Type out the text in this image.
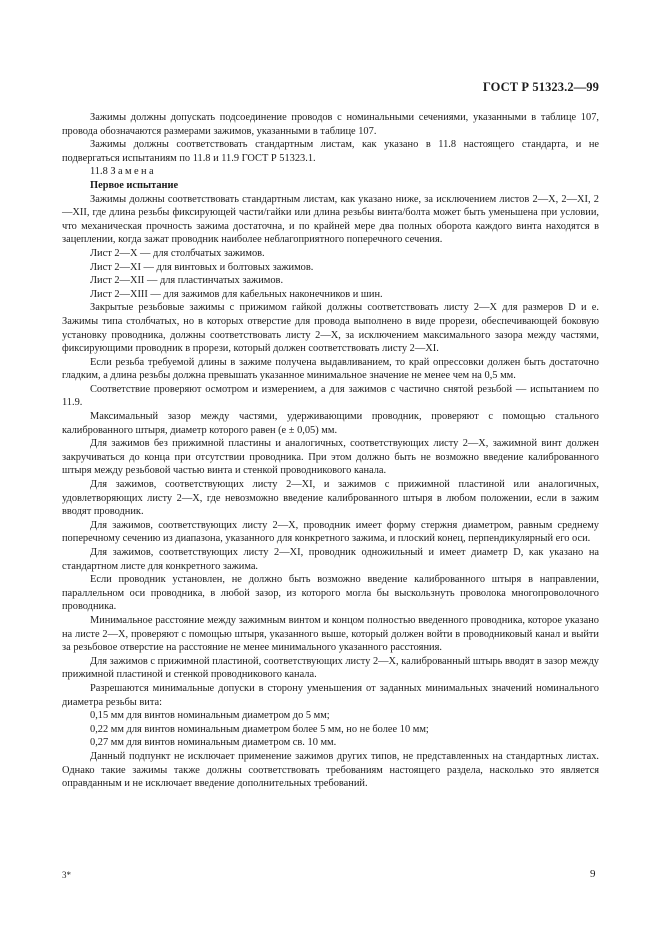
ГОСТ Р 51323.2—99

Зажимы должны допускать подсоединение проводов с номинальными сечениями, указанными в таблице 107, провода обозначаются размерами зажимов, указанными в таблице 107.

Зажимы должны соответствовать стандартным листам, как указано в 11.8 настоящего стандарта, и не подвергаться испытаниям по 11.8 и 11.9 ГОСТ Р 51323.1.

11.8 Замена

Первое испытание

Зажимы должны соответствовать стандартным листам, как указано ниже, за исключением листов 2—X, 2—XI, 2—XII, где длина резьбы фиксирующей части/гайки или длина резьбы винта/болта может быть уменьшена при условии, что механическая прочность зажима достаточна, и по крайней мере два полных оборота каждого винта находятся в зацеплении, когда зажат проводник наиболее неблагоприятного поперечного сечения.

Лист 2—X — для столбчатых зажимов.

Лист 2—XI — для винтовых и болтовых зажимов.

Лист 2—XII — для пластинчатых зажимов.

Лист 2—XIII — для зажимов для кабельных наконечников и шин.

Закрытые резьбовые зажимы с прижимом гайкой должны соответствовать листу 2—X для размеров D и e. Зажимы типа столбчатых, но в которых отверстие для провода выполнено в виде прорези, обеспечивающей боковую установку проводника, должны соответствовать листу 2—X, за исключением максимального зазора между частями, фиксирующими проводник в прорези, который должен соответствовать листу 2—XI.

Если резьба требуемой длины в зажиме получена выдавливанием, то край опрессовки должен быть достаточно гладким, а длина резьбы должна превышать указанное минимальное значение не менее чем на 0,5 мм.

Соответствие проверяют осмотром и измерением, а для зажимов с частично снятой резьбой — испытанием по 11.9.

Максимальный зазор между частями, удерживающими проводник, проверяют с помощью стального калиброванного штыря, диаметр которого равен (e ± 0,05) мм.

Для зажимов без прижимной пластины и аналогичных, соответствующих листу 2—X, зажимной винт должен закручиваться до конца при отсутствии проводника. При этом должно быть не возможно введение калиброванного штыря между резьбовой частью винта и стенкой проводникового канала.

Для зажимов, соответствующих листу 2—XI, и зажимов с прижимной пластиной или аналогичных, удовлетворяющих листу 2—X, где невозможно введение калиброванного штыря в любом положении, если в зажим вводят проводник.

Для зажимов, соответствующих листу 2—X, проводник имеет форму стержня диаметром, равным среднему поперечному сечению из диапазона, указанного для конкретного зажима, и плоский конец, перпендикулярный его оси.

Для зажимов, соответствующих листу 2—XI, проводник одножильный и имеет диаметр D, как указано на стандартном листе для конкретного зажима.

Если проводник установлен, не должно быть возможно введение калиброванного штыря в направлении, параллельном оси проводника, в любой зазор, из которого могла бы выскользнуть проволока многопроволочного проводника.

Минимальное расстояние между зажимным винтом и концом полностью введенного проводника, которое указано на листе 2—X, проверяют с помощью штыря, указанного выше, который должен войти в проводниковый канал и выйти за резьбовое отверстие на расстояние не менее минимального указанного расстояния.

Для зажимов с прижимной пластиной, соответствующих листу 2—X, калиброванный штырь вводят в зазор между прижимной пластиной и стенкой проводникового канала.

Разрешаются минимальные допуски в сторону уменьшения от заданных минимальных значений номинального диаметра резьбы вита:

0,15 мм для винтов номинальным диаметром до 5 мм;

0,22 мм для винтов номинальным диаметром более 5 мм, но не более 10 мм;

0,27 мм для винтов номинальным диаметром св. 10 мм.

Данный подпункт не исключает применение зажимов других типов, не представленных на стандартных листах. Однако такие зажимы также должны соответствовать требованиям настоящего раздела, насколько это является оправданным и не исключает введение дополнительных требований.

3*	9
